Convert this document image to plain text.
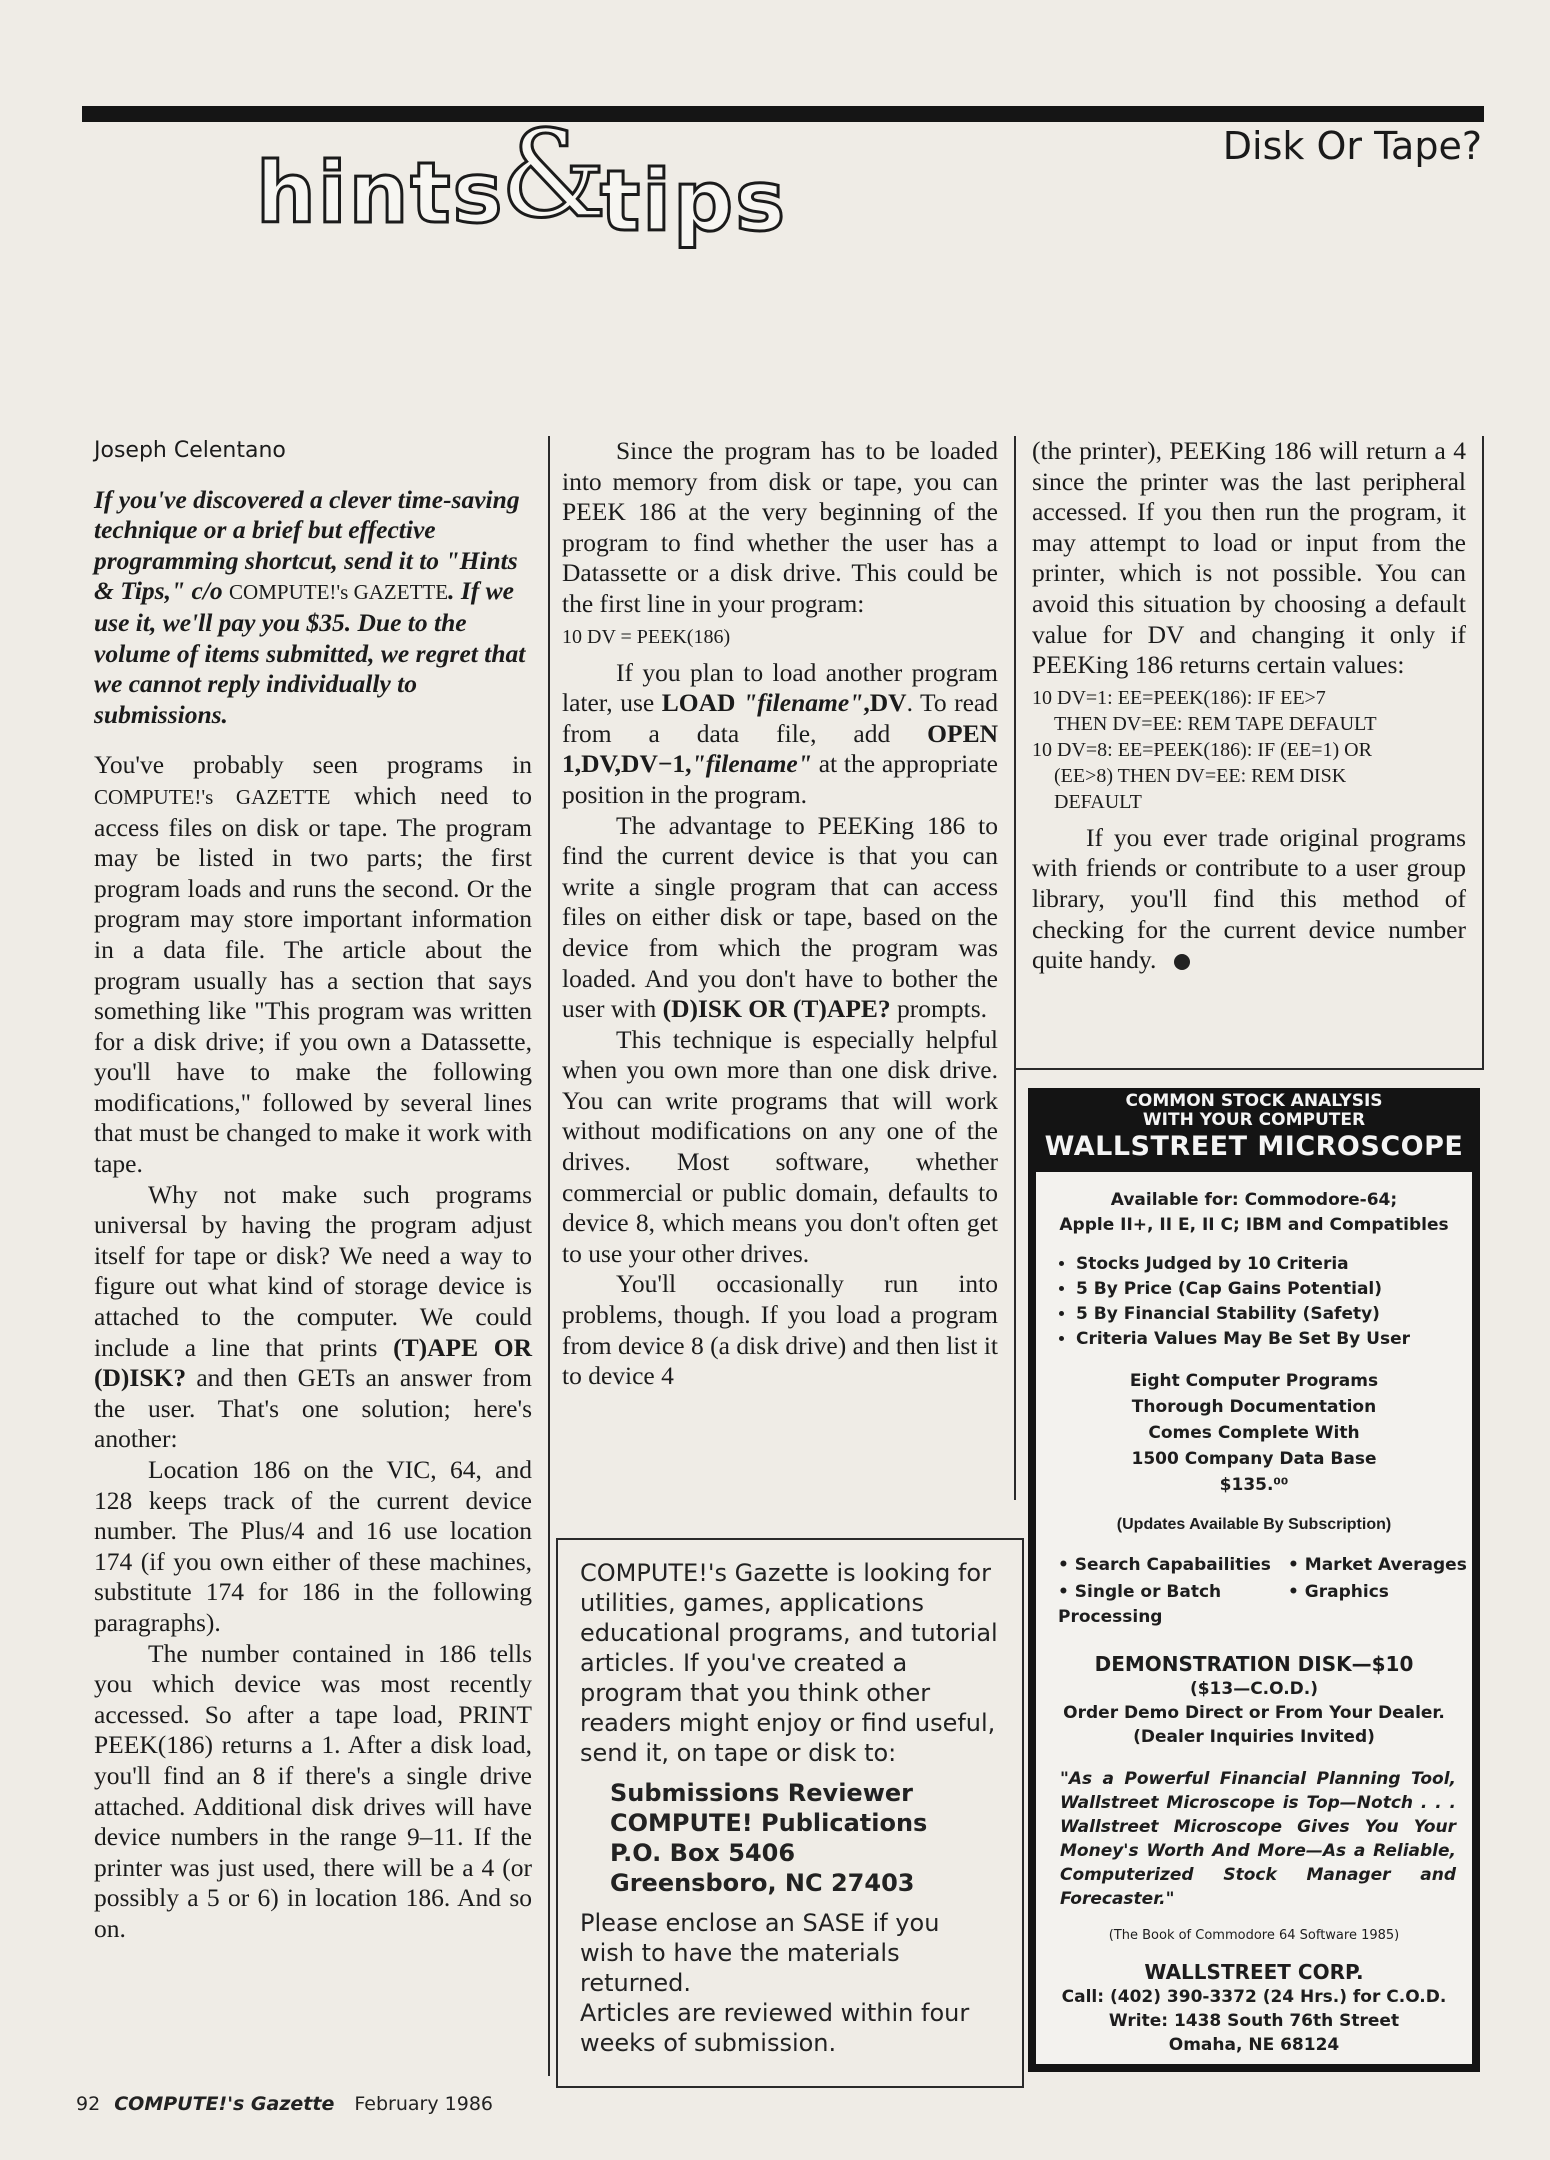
hints
&
tips
Disk Or Tape?

Joseph Celentano

If you've discovered a clever time-saving technique or a brief but effective programming shortcut, send it to "Hints & Tips," c/o COMPUTE!'s GAZETTE. If we use it, we'll pay you $35. Due to the volume of items submitted, we regret that we cannot reply individually to submissions.

You've probably seen programs in COMPUTE!'s GAZETTE which need to access files on disk or tape. The program may be listed in two parts; the first program loads and runs the second. Or the program may store important information in a data file. The article about the program usually has a section that says something like "This program was written for a disk drive; if you own a Datassette, you'll have to make the following modifications," followed by several lines that must be changed to make it work with tape.

Why not make such programs universal by having the program adjust itself for tape or disk? We need a way to figure out what kind of storage device is attached to the computer. We could include a line that prints (T)APE OR (D)ISK? and then GETs an answer from the user. That's one solution; here's another:

Location 186 on the VIC, 64, and 128 keeps track of the current device number. The Plus/4 and 16 use location 174 (if you own either of these machines, substitute 174 for 186 in the following paragraphs).

The number contained in 186 tells you which device was most recently accessed. So after a tape load, PRINT PEEK(186) returns a 1. After a disk load, you'll find an 8 if there's a single drive attached. Additional disk drives will have device numbers in the range 9–11. If the printer was just used, there will be a 4 (or possibly a 5 or 6) in location 186. And so on.

Since the program has to be loaded into memory from disk or tape, you can PEEK 186 at the very beginning of the program to find whether the user has a Datassette or a disk drive. This could be the first line in your program:

10 DV = PEEK(186)

If you plan to load another program later, use LOAD "filename",DV. To read from a data file, add OPEN 1,DV,DV−1,"filename" at the appropriate position in the program.

The advantage to PEEKing 186 to find the current device is that you can write a single program that can access files on either disk or tape, based on the device from which the program was loaded. And you don't have to bother the user with (D)ISK OR (T)APE? prompts.

This technique is especially helpful when you own more than one disk drive. You can write programs that will work without modifications on any one of the drives. Most software, whether commercial or public domain, defaults to device 8, which means you don't often get to use your other drives.

You'll occasionally run into problems, though. If you load a program from device 8 (a disk drive) and then list it to device 4

(the printer), PEEKing 186 will return a 4 since the printer was the last peripheral accessed. If you then run the program, it may attempt to load or input from the printer, which is not possible. You can avoid this situation by choosing a default value for DV and changing it only if PEEKing 186 returns certain values:

10 DV=1: EE=PEEK(186): IF EE>7
THEN DV=EE: REM TAPE DEFAULT
10 DV=8: EE=PEEK(186): IF (EE=1) OR
(EE>8) THEN DV=EE: REM DISK
DEFAULT

If you ever trade original programs with friends or contribute to a user group library, you'll find this method of checking for the current device number quite handy.

COMPUTE!'s Gazette is looking for utilities, games, applications educational programs, and tutorial articles. If you've created a program that you think other readers might enjoy or find useful, send it, on tape or disk to:

Submissions Reviewer
COMPUTE! Publications
P.O. Box 5406
Greensboro, NC 27403

Please enclose an SASE if you wish to have the materials returned.

Articles are reviewed within four weeks of submission.

COMMON STOCK ANALYSIS
WITH YOUR COMPUTER
WALLSTREET MICROSCOPE

Available for: Commodore-64;
Apple II+, II E, II C; IBM and Compatibles

• Stocks Judged by 10 Criteria
• 5 By Price (Cap Gains Potential)
• 5 By Financial Stability (Safety)
• Criteria Values May Be Set By User

Eight Computer Programs
Thorough Documentation
Comes Complete With
1500 Company Data Base
$135.⁰⁰

(Updates Available By Subscription)

• Search Capabailities	• Market Averages
• Single or Batch Processing
• Graphics

DEMONSTRATION DISK—$10

($13—C.O.D.)
Order Demo Direct or From Your Dealer.
(Dealer Inquiries Invited)

"As a Powerful Financial Planning Tool, Wallstreet Microscope is Top—Notch . . . Wallstreet Microscope Gives You Your Money's Worth And More—As a Reliable, Computerized Stock Manager and Forecaster."

(The Book of Commodore 64 Software 1985)

WALLSTREET CORP.

Call: (402) 390-3372 (24 Hrs.) for C.O.D.
Write: 1438 South 76th Street
Omaha, NE 68124

92 COMPUTE!'s Gazette February 1986
